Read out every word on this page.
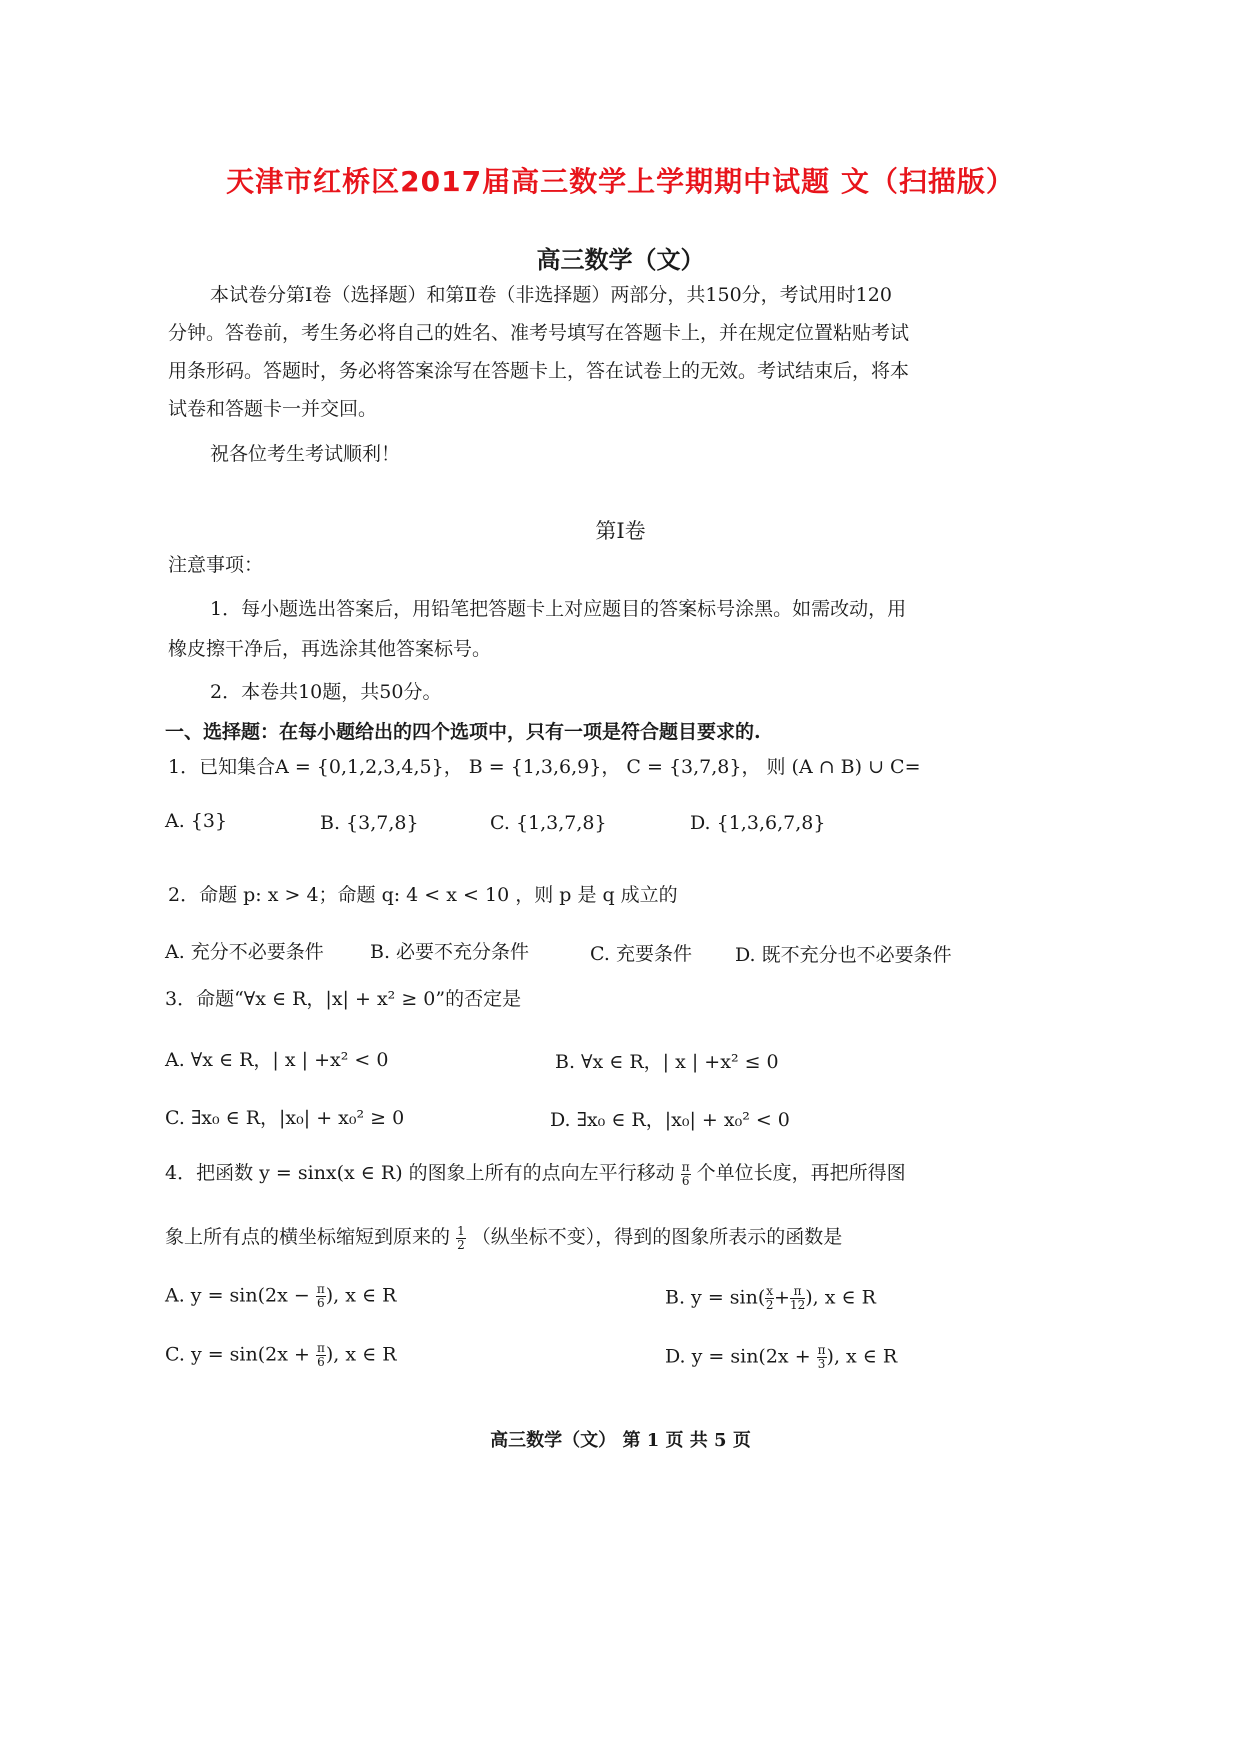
天津市红桥区2017届高三数学上学期期中试题 文（扫描版）
高三数学（文）
本试卷分第Ⅰ卷（选择题）和第Ⅱ卷（非选择题）两部分，共150分，考试用时120
分钟。答卷前，考生务必将自己的姓名、准考号填写在答题卡上，并在规定位置粘贴考试
用条形码。答题时，务必将答案涂写在答题卡上，答在试卷上的无效。考试结束后，将本
试卷和答题卡一并交回。
祝各位考生考试顺利！
第Ⅰ卷
注意事项：
1．每小题选出答案后，用铅笔把答题卡上对应题目的答案标号涂黑。如需改动，用
橡皮擦干净后，再选涂其他答案标号。
2．本卷共10题，共50分。
一、选择题：在每小题给出的四个选项中，只有一项是符合题目要求的.
1．已知集合A = {0,1,2,3,4,5}， B = {1,3,6,9}， C = {3,7,8}， 则 (A ∩ B) ∪ C=
A. {3}	B. {3,7,8}	C. {1,3,7,8}	D. {1,3,6,7,8}
2．命题 p: x > 4；命题 q: 4 < x < 10 ，则 p 是 q 成立的
A. 充分不必要条件 B. 必要不充分条件	C. 充要条件 D. 既不充分也不必要条件
3．命题“∀x ∈ R，|x| + x² ≥ 0”的否定是
A. ∀x ∈ R，| x | +x² < 0	B. ∀x ∈ R，| x | +x² ≤ 0
C. ∃x₀ ∈ R，|x₀| + x₀² ≥ 0	D. ∃x₀ ∈ R，|x₀| + x₀² < 0
4．把函数 y = sinx(x ∈ R) 的图象上所有的点向左平行移动 $\frac{\pi}{6}$ 个单位长度，再把所得图
象上所有点的横坐标缩短到原来的 $\frac{1}{2}$ （纵坐标不变），得到的图象所表示的函数是
A. $y = \sin(2x - \frac{\pi}{6}$ ), x ∈ R	B. $y = \sin( \frac{x}{2} + \frac{\pi}{12}$ ), x ∈ R
C. $y = \sin(2x + \frac{\pi}{6}$ ), x ∈ R	D. $y = \sin(2x + \frac{\pi}{3}$ ), x ∈ R
高三数学（文） 第 1 页 共 5 页
